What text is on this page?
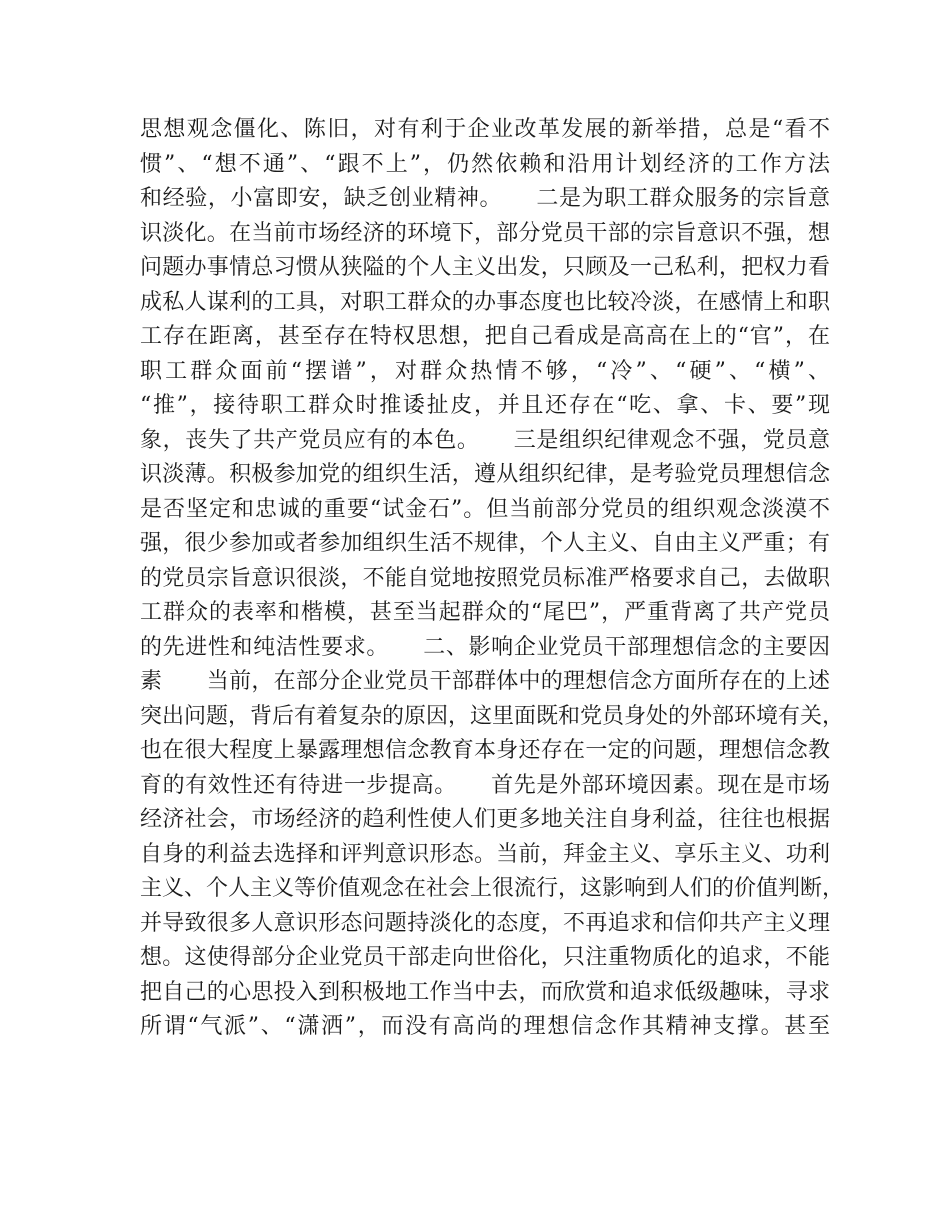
思想观念僵化、陈旧，对有利于企业改革发展的新举措，总是“看不
惯”、“想不通”、“跟不上”，仍然依赖和沿用计划经济的工作方法
和经验，小富即安，缺乏创业精神。　　二是为职工群众服务的宗旨意
识淡化。在当前市场经济的环境下，部分党员干部的宗旨意识不强，想
问题办事情总习惯从狭隘的个人主义出发，只顾及一己私利，把权力看
成私人谋利的工具，对职工群众的办事态度也比较冷淡，在感情上和职
工存在距离，甚至存在特权思想，把自己看成是高高在上的“官”，在
职工群众面前“摆谱”，对群众热情不够，“冷”、“硬”、“横”、
“推”，接待职工群众时推诿扯皮，并且还存在“吃、拿、卡、要”现
象，丧失了共产党员应有的本色。　　三是组织纪律观念不强，党员意
识淡薄。积极参加党的组织生活，遵从组织纪律，是考验党员理想信念
是否坚定和忠诚的重要“试金石”。但当前部分党员的组织观念淡漠不
强，很少参加或者参加组织生活不规律，个人主义、自由主义严重；有
的党员宗旨意识很淡，不能自觉地按照党员标准严格要求自己，去做职
工群众的表率和楷模，甚至当起群众的“尾巴”，严重背离了共产党员
的先进性和纯洁性要求。　　二、影响企业党员干部理想信念的主要因
素　　当前，在部分企业党员干部群体中的理想信念方面所存在的上述
突出问题，背后有着复杂的原因，这里面既和党员身处的外部环境有关，
也在很大程度上暴露理想信念教育本身还存在一定的问题，理想信念教
育的有效性还有待进一步提高。　　首先是外部环境因素。现在是市场
经济社会，市场经济的趋利性使人们更多地关注自身利益，往往也根据
自身的利益去选择和评判意识形态。当前，拜金主义、享乐主义、功利
主义、个人主义等价值观念在社会上很流行，这影响到人们的价值判断，
并导致很多人意识形态问题持淡化的态度，不再追求和信仰共产主义理
想。这使得部分企业党员干部走向世俗化，只注重物质化的追求，不能
把自己的心思投入到积极地工作当中去，而欣赏和追求低级趣味，寻求
所谓“气派”、“潇洒”，而没有高尚的理想信念作其精神支撑。甚至
